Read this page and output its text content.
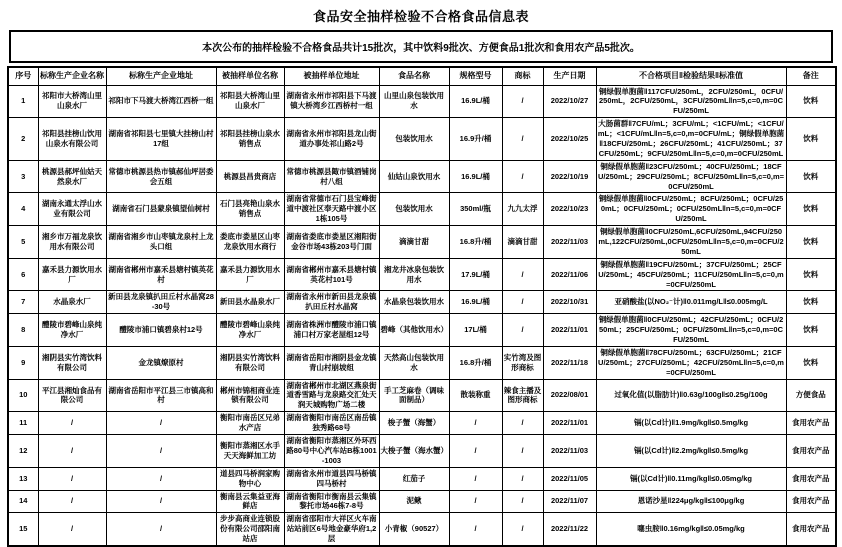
食品安全抽样检验不合格食品信息表
本次公布的抽样检验不合格食品共计15批次，其中饮料9批次、方便食品1批次和食用农产品5批次。
序号	标称生产企业名称	标称生产企业地址	被抽样单位名称	被抽样单位地址	食品名称	规格型号	商标	生产日期	不合格项目‖检验结果‖标准值	备注
1	祁阳市大桥湾山里山泉水厂	祁阳市下马渡大桥湾江西桥一组	祁阳县大桥湾山里山泉水厂	湖南省永州市祁阳县下马渡镇大桥湾乡江西桥村一组	山里山泉包装饮用水	16.9L/桶	/	2022/10/27	铜绿假单胞菌‖117CFU/250mL，2CFU/250mL，0CFU/250mL，2CFU/250mL，3CFU/250mL‖n=5,c=0,m=0CFU/250mL	饮料
2	祁阳县挂榜山饮用山泉水有限公司	湖南省祁阳县七里镇大挂榜山村17组	祁阳县挂榜山泉水销售点	湖南省永州市祁阳县龙山街道办事处祁山路2号	包装饮用水	16.9升/桶	/	2022/10/25	大肠菌群‖7CFU/mL；3CFU/mL；<1CFU/mL；<1CFU/mL；<1CFU/mL‖n=5,c=0,m=0CFU/mL；铜绿假单胞菌‖18CFU/250mL；26CFU/250mL；41CFU/250mL；37CFU/250mL；9CFU/250mL‖n=5,c=0,m=0CFU/250mL	饮料
3	桃源县郝坪仙姑天然泉水厂	常德市桃源县热市镇郝仙坪居委会五组	桃源县昌贵商店	常德市桃源县陬市镇酒铺岗村八组	仙姑山泉饮用水	16.9L/桶	/	2022/10/19	铜绿假单胞菌‖23CFU/250mL；40CFU/250mL；18CFU/250mL；29CFU/250mL；8CFU/250mL‖n=5,c=0,m=0CFU/250mL	饮料
4	湖南永通太浮山水业有限公司	湖南省石门县蒙泉镇望仙树村	石门县亮艳山泉水销售点	湖南省常德市石门县宝峰街道中渡社区奉天路中渡小区1栋105号	包装饮用水	350ml/瓶	九九太浮	2022/10/23	铜绿假单胞菌‖0CFU/250mL；8CFU/250mL；0CFU/250mL；0CFU/250mL；0CFU/250mL‖n=5,c=0,m=0CFU/250mL	饮料
5	湘乡市万福龙泉饮用水有限公司	湖南省湘乡市山枣镇龙泉村上龙头口组	娄底市娄星区山枣龙泉饮用水商行	湖南省娄底市娄星区湘阳街金谷市场43栋203号门面	滴滴甘甜	16.8升/桶	滴滴甘甜	2022/11/03	铜绿假单胞菌‖0CFU/250mL,6CFU/250mL,94CFU/250mL,122CFU/250mL,0CFU/250mL‖n=5,c=0,m=0CFU/250mL	饮料
6	嘉禾县力源饮用水厂	湖南省郴州市嘉禾县塘村镇英花村	嘉禾县力源饮用水厂	湖南省郴州市嘉禾县塘村镇英花村101号	湘龙井冰泉包装饮用水	17.9L/桶	/	2022/11/06	铜绿假单胞菌‖19CFU/250mL；37CFU/250mL；25CFU/250mL；45CFU/250mL；11CFU/250mL‖n=5,c=0,m=0CFU/250mL	饮料
7	水晶泉水厂	新田县龙泉镇扒田丘村水晶窝28-30号	新田县水晶泉水厂	湖南省永州市新田县龙泉镇扒田丘村水晶窝	水晶泉包装饮用水	16.9L/桶	/	2022/10/31	亚硝酸盐(以NO₂⁻计)‖0.011mg/L‖≤0.005mg/L	饮料
8	醴陵市碧峰山泉纯净水厂	醴陵市浦口镇碧泉村12号	醴陵市碧峰山泉纯净水厂	湖南省株洲市醴陵市浦口镇浦口村万家老屋组12号	碧峰（其他饮用水）	17L/桶	/	2022/11/01	铜绿假单胞菌‖0CFU/250mL；42CFU/250mL；0CFU/250mL；25CFU/250mL；0CFU/250mL‖n=5,c=0,m=0CFU/250mL	饮料
9	湘阴县实竹湾饮料有限公司	金龙镇燎原村	湘阴县实竹湾饮料有限公司	湖南省岳阳市湘阴县金龙镇青山村崩坡组	天然高山包装饮用水	16.8升/桶	实竹湾及图形商标	2022/11/18	铜绿假单胞菌‖78CFU/250mL；63CFU/250mL；21CFU/250mL；27CFU/250mL；42CFU/250mL‖n=5,c=0,m=0CFU/250mL	饮料
10	平江县湘灿食品有限公司	湖南省岳阳市平江县三市镇高和村	郴州市锦相商业连锁有限公司	湖南省郴州市北湖区燕泉街道香雪路与龙泉路交汇处天润天城购物广场二楼	手工芝麻卷（调味面制品）	散装称重	辣食主播及图形商标	2022/08/01	过氧化值(以脂肪计)‖0.63g/100g‖≤0.25g/100g	方便食品
11	/	/	衡阳市南岳区兄弟水产店	湖南省衡阳市南岳区南岳镇独秀路68号	梭子蟹（海蟹）	/	/	2022/11/01	镉(以Cd计)‖1.9mg/kg‖≤0.5mg/kg	食用农产品
12	/	/	衡阳市蒸湘区水手天天海鲜加工坊	湖南省衡阳市蒸湘区外环西路80号中心汽车站B栋1001-1003	大梭子蟹（海水蟹）	/	/	2022/11/03	镉(以Cd计)‖2.2mg/kg‖≤0.5mg/kg	食用农产品
13	/	/	道县四马桥润家购物中心	湖南省永州市道县四马桥镇四马桥村	红茄子	/	/	2022/11/05	镉(以Cd计)‖0.11mg/kg‖≤0.05mg/kg	食用农产品
14	/	/	衡南县云集益亚海鲜店	湖南省衡阳市衡南县云集镇黎托市场46栋7-8号	泥鳅	/	/	2022/11/07	恩诺沙星‖224μg/kg‖≤100μg/kg	食用农产品
15	/	/	步步高商业连锁股份有限公司邵阳南站店	湖南省邵阳市大祥区火车南站站前区6号地金豪华府1,2层	小青椒（90527）	/	/	2022/11/22	噻虫胺‖0.16mg/kg‖≤0.05mg/kg	食用农产品
